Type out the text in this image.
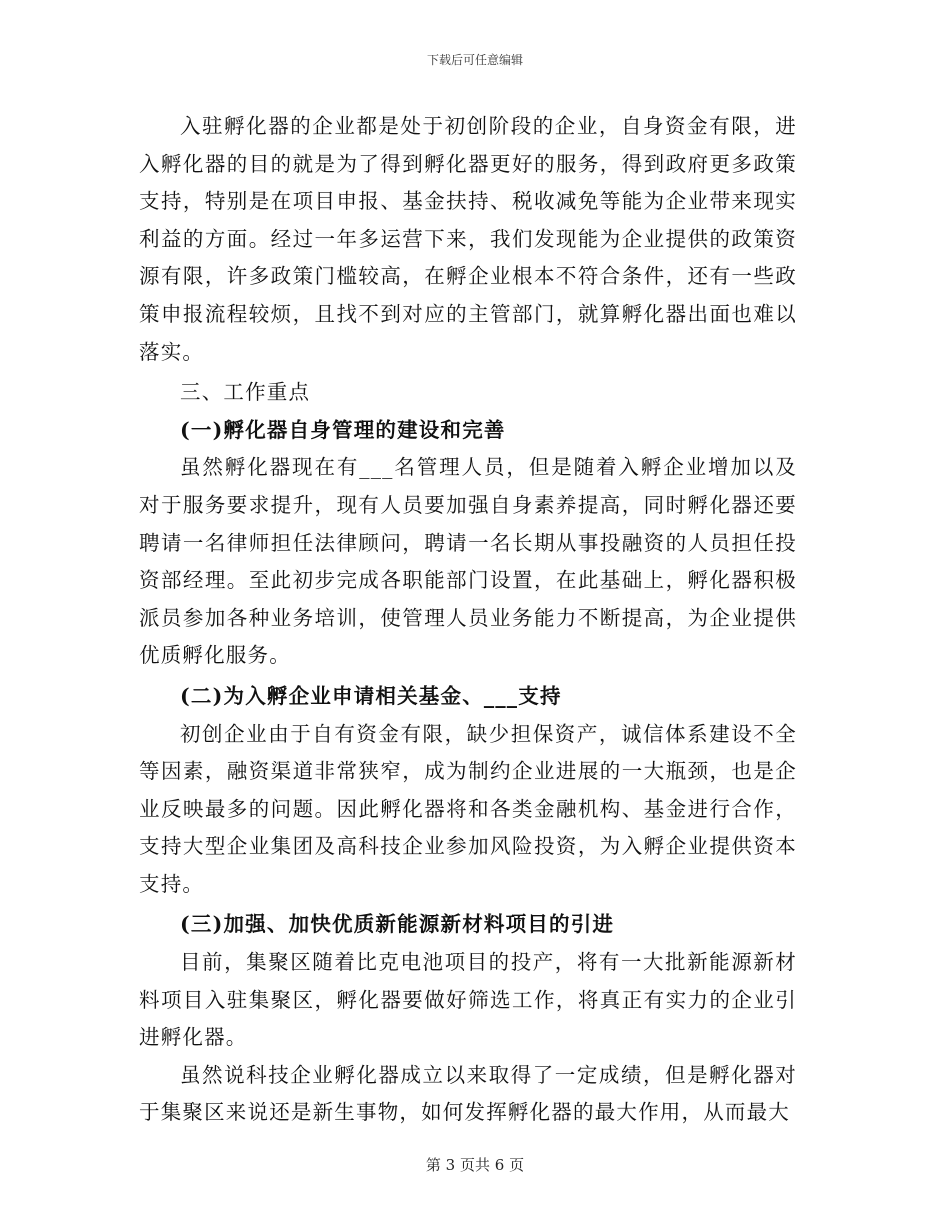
下载后可任意编辑

入驻孵化器的企业都是处于初创阶段的企业，自身资金有限，进入孵化器的目的就是为了得到孵化器更好的服务，得到政府更多政策支持，特别是在项目申报、基金扶持、税收减免等能为企业带来现实利益的方面。经过一年多运营下来，我们发现能为企业提供的政策资源有限，许多政策门槛较高，在孵企业根本不符合条件，还有一些政策申报流程较烦，且找不到对应的主管部门，就算孵化器出面也难以落实。

三、工作重点

(一)孵化器自身管理的建设和完善

虽然孵化器现在有___名管理人员，但是随着入孵企业增加以及对于服务要求提升，现有人员要加强自身素养提高，同时孵化器还要聘请一名律师担任法律顾问，聘请一名长期从事投融资的人员担任投资部经理。至此初步完成各职能部门设置，在此基础上，孵化器积极派员参加各种业务培训，使管理人员业务能力不断提高，为企业提供优质孵化服务。

(二)为入孵企业申请相关基金、___支持

初创企业由于自有资金有限，缺少担保资产，诚信体系建设不全等因素，融资渠道非常狭窄，成为制约企业进展的一大瓶颈，也是企业反映最多的问题。因此孵化器将和各类金融机构、基金进行合作，支持大型企业集团及高科技企业参加风险投资，为入孵企业提供资本支持。

(三)加强、加快优质新能源新材料项目的引进

目前，集聚区随着比克电池项目的投产，将有一大批新能源新材料项目入驻集聚区，孵化器要做好筛选工作，将真正有实力的企业引进孵化器。

虽然说科技企业孵化器成立以来取得了一定成绩，但是孵化器对于集聚区来说还是新生事物，如何发挥孵化器的最大作用，从而最大

第 3 页共 6 页
